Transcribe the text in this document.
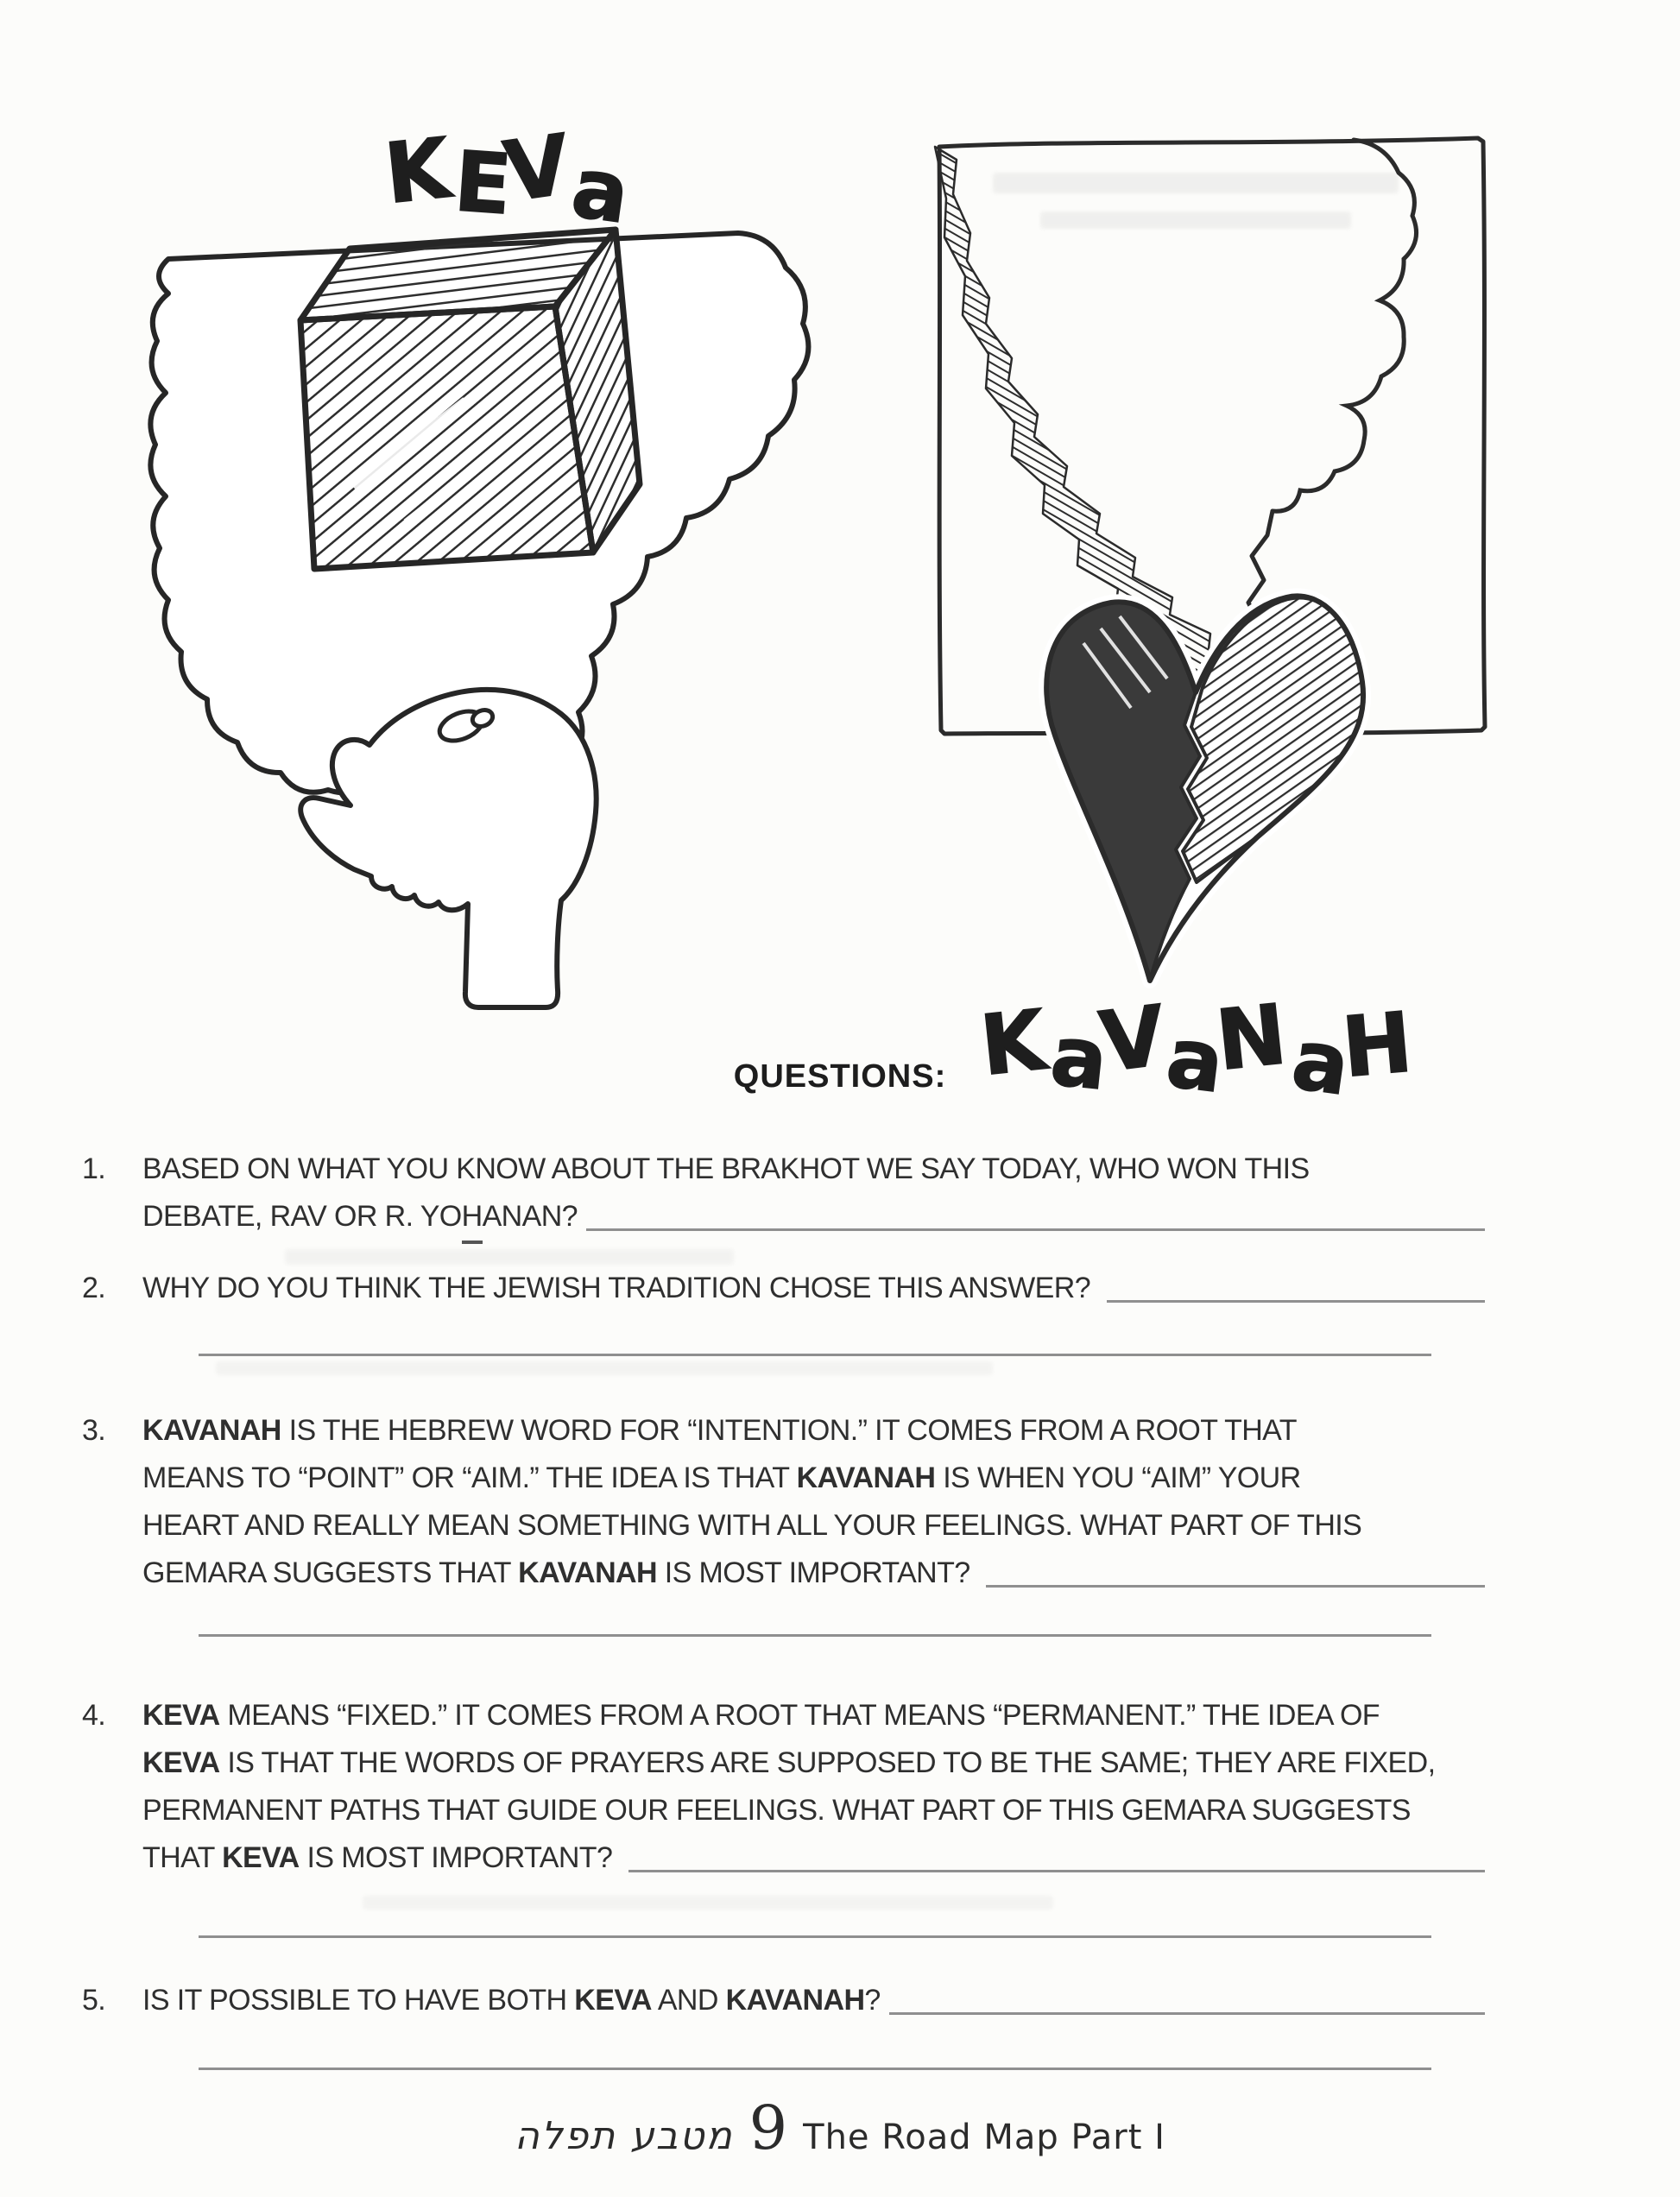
KEVa
KaVaNaH
QUESTIONS:
1.	BASED ON WHAT YOU KNOW ABOUT THE BRAKHOT WE SAY TODAY, WHO WON THIS
DEBATE, RAV OR R. YO H ANAN?
2.	WHY DO YOU THINK THE JEWISH TRADITION CHOSE THIS ANSWER?
3.	KAVANAH IS THE HEBREW WORD FOR “INTENTION.” IT COMES FROM A ROOT THAT
MEANS TO “POINT” OR “AIM.” THE IDEA IS THAT KAVANAH IS WHEN YOU “AIM” YOUR
HEART AND REALLY MEAN SOMETHING WITH ALL YOUR FEELINGS. WHAT PART OF THIS
GEMARA SUGGESTS THAT KAVANAH IS MOST IMPORTANT?
4.	KEVA MEANS “FIXED.” IT COMES FROM A ROOT THAT MEANS “PERMANENT.” THE IDEA OF
KEVA IS THAT THE WORDS OF PRAYERS ARE SUPPOSED TO BE THE SAME; THEY ARE FIXED,
PERMANENT PATHS THAT GUIDE OUR FEELINGS. WHAT PART OF THIS GEMARA SUGGESTS
THAT KEVA IS MOST IMPORTANT?
5.	IS IT POSSIBLE TO HAVE BOTH KEVA AND KAVANAH ?
מטבע תפלה 9 The Road Map Part I
